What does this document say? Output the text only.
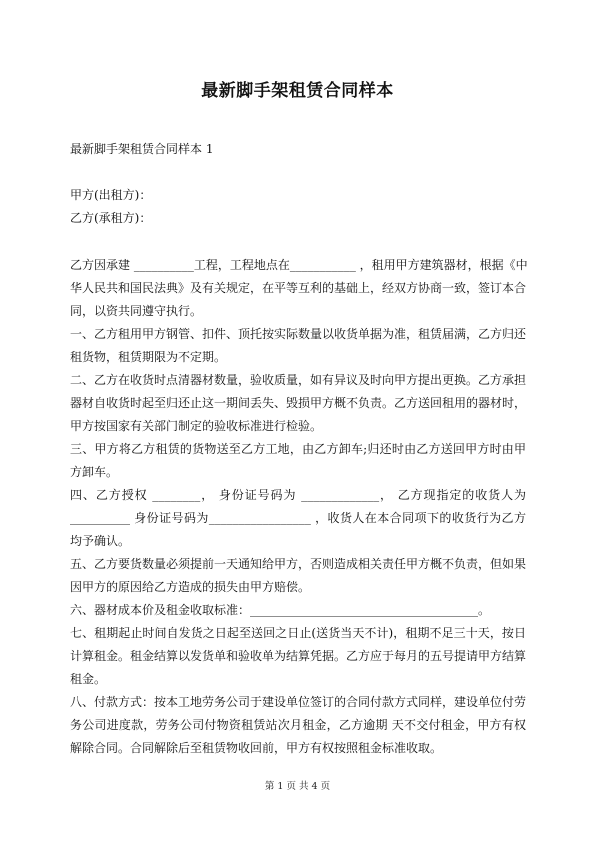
最新脚手架租赁合同样本
最新脚手架租赁合同样本 1
甲方(出租方)：
乙方(承租方)：
乙方因承建 __________工程，工程地点在___________ ，租用甲方建筑器材，根据《中
华人民共和国民法典》及有关规定，在平等互利的基础上，经双方协商一致，签订本合
同，以资共同遵守执行。
一、乙方租用甲方钢管、扣件、顶托按实际数量以收货单据为准，租赁届满，乙方归还
租货物，租赁期限为不定期。
二、乙方在收货时点清器材数量，验收质量，如有异议及时向甲方提出更换。乙方承担
器材自收货时起至归还止这一期间丢失、毁损甲方概不负责。乙方送回租用的器材时，
甲方按国家有关部门制定的验收标准进行检验。
三、甲方将乙方租赁的货物送至乙方工地，由乙方卸车;归还时由乙方送回甲方时由甲
方卸车。
四、乙方授权 ________， 身份证号码为 _____________， 乙方现指定的收货人为
__________ 身份证号码为_________________ ，收货人在本合同项下的收货行为乙方
均予确认。
五、乙方要货数量必须提前一天通知给甲方，否则造成相关责任甲方概不负责，但如果
因甲方的原因给乙方造成的损失由甲方赔偿。
六、器材成本价及租金收取标准：______________________________________。
七、租期起止时间自发货之日起至送回之日止(送货当天不计)，租期不足三十天，按日
计算租金。租金结算以发货单和验收单为结算凭据。乙方应于每月的五号提请甲方结算
租金。
八、付款方式：按本工地劳务公司于建设单位签订的合同付款方式同样，建设单位付劳
务公司进度款，劳务公司付物资租赁站次月租金，乙方逾期 天不交付租金，甲方有权
解除合同。合同解除后至租赁物收回前，甲方有权按照租金标准收取。
第 1 页 共 4 页
